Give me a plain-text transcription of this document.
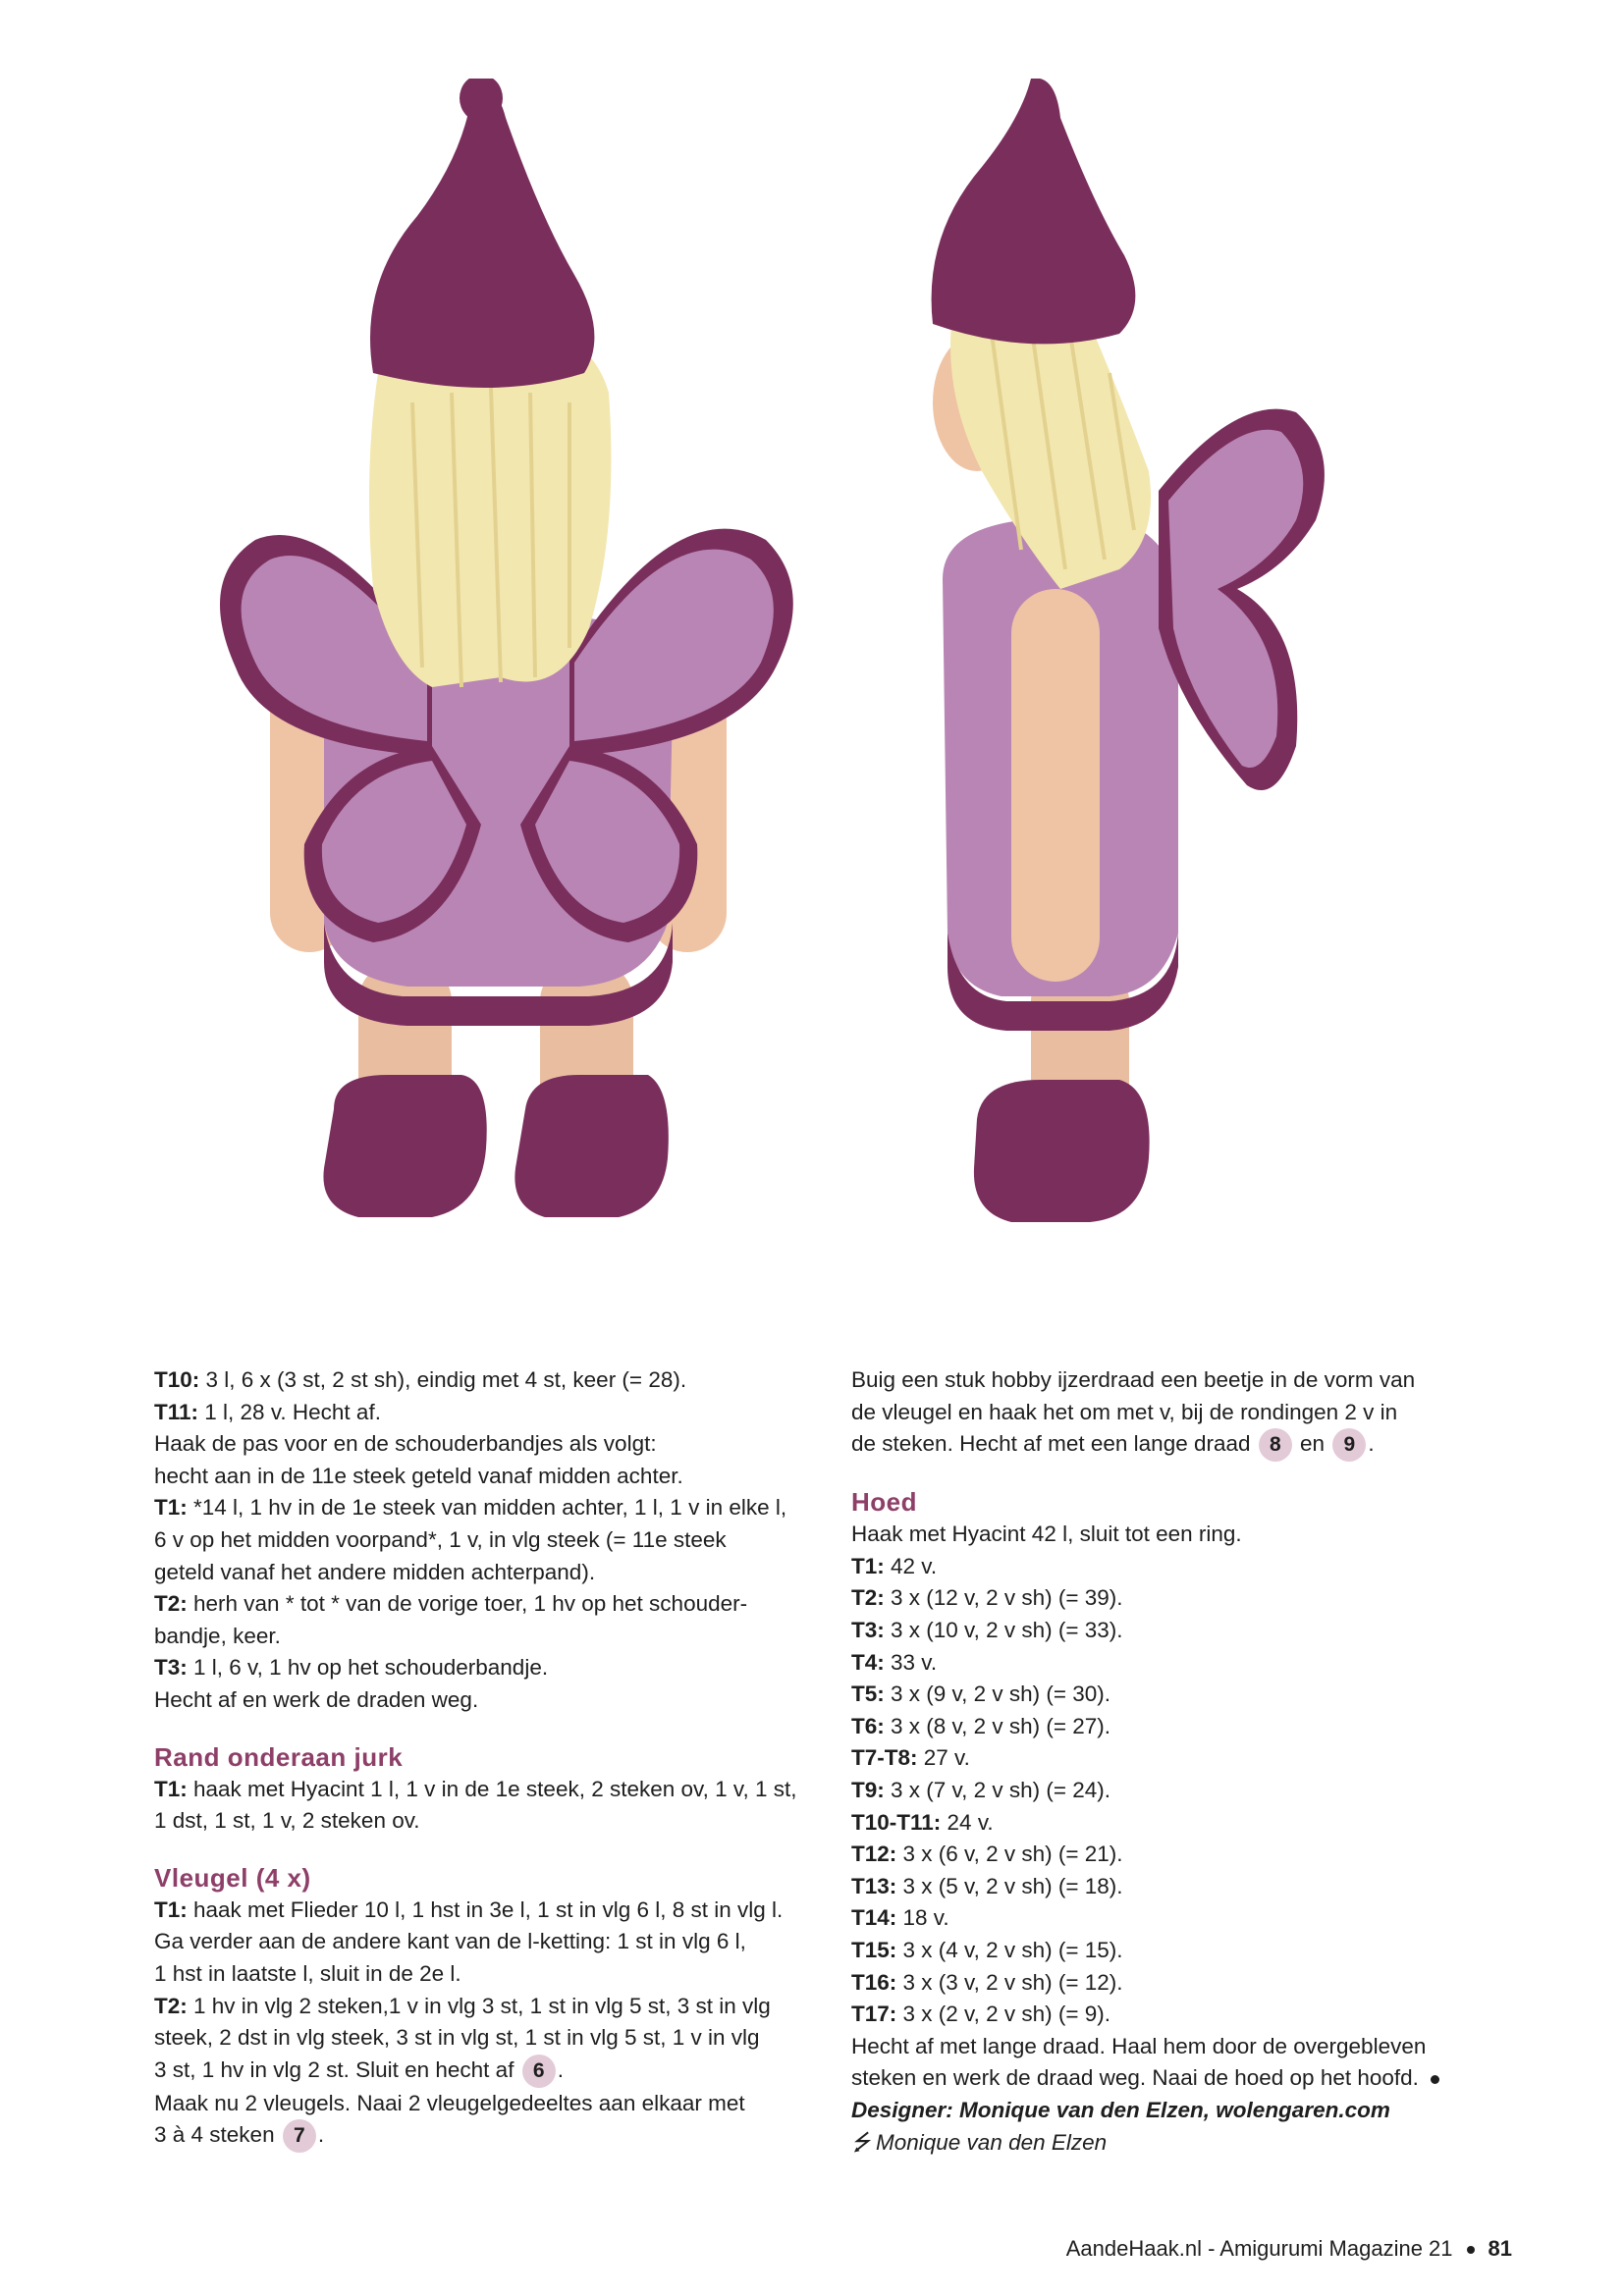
T10: 3 l, 6 x (3 st, 2 st sh), eindig met 4 st, keer (= 28).
T11: 1 l, 28 v. Hecht af.
Haak de pas voor en de schouderbandjes als volgt:
hecht aan in de 11e steek geteld vanaf midden achter.
T1: *14 l, 1 hv in de 1e steek van midden achter, 1 l, 1 v in elke l,
6 v op het midden voorpand*, 1 v, in vlg steek (= 11e steek
geteld vanaf het andere midden achterpand).
T2: herh van * tot * van de vorige toer, 1 hv op het schouder-
bandje, keer.
T3: 1 l, 6 v, 1 hv op het schouderbandje.
Hecht af en werk de draden weg.
Rand onderaan jurk
T1: haak met Hyacint 1 l, 1 v in de 1e steek, 2 steken ov, 1 v, 1 st,
1 dst, 1 st, 1 v, 2 steken ov.
Vleugel (4 x)
T1: haak met Flieder 10 l, 1 hst in 3e l, 1 st in vlg 6 l, 8 st in vlg l.
Ga verder aan de andere kant van de l-ketting: 1 st in vlg 6 l,
1 hst in laatste l, sluit in de 2e l.
T2: 1 hv in vlg 2 steken,1 v in vlg 3 st, 1 st in vlg 5 st, 3 st in vlg
steek, 2 dst in vlg steek, 3 st in vlg st, 1 st in vlg 5 st, 1 v in vlg
3 st, 1 hv in vlg 2 st. Sluit en hecht af 6 .
Maak nu 2 vleugels. Naai 2 vleugelgedeeltes aan elkaar met
3 à 4 steken 7 .
Buig een stuk hobby ijzerdraad een beetje in de vorm van
de vleugel en haak het om met v, bij de rondingen 2 v in
de steken. Hecht af met een lange draad 8 en 9 .
Hoed
Haak met Hyacint 42 l, sluit tot een ring.
T1: 42 v.
T2: 3 x (12 v, 2 v sh) (= 39).
T3: 3 x (10 v, 2 v sh) (= 33).
T4: 33 v.
T5: 3 x (9 v, 2 v sh) (= 30).
T6: 3 x (8 v, 2 v sh) (= 27).
T7-T8: 27 v.
T9: 3 x (7 v, 2 v sh) (= 24).
T10-T11: 24 v.
T12: 3 x (6 v, 2 v sh) (= 21).
T13: 3 x (5 v, 2 v sh) (= 18).
T14: 18 v.
T15: 3 x (4 v, 2 v sh) (= 15).
T16: 3 x (3 v, 2 v sh) (= 12).
T17: 3 x (2 v, 2 v sh) (= 9).
Hecht af met lange draad. Haal hem door de overgebleven
steken en werk de draad weg. Naai de hoed op het hoofd.
Designer: Monique van den Elzen, wolengaren.com
⭍ Monique van den Elzen
AandeHaak.nl - Amigurumi Magazine 21 81
